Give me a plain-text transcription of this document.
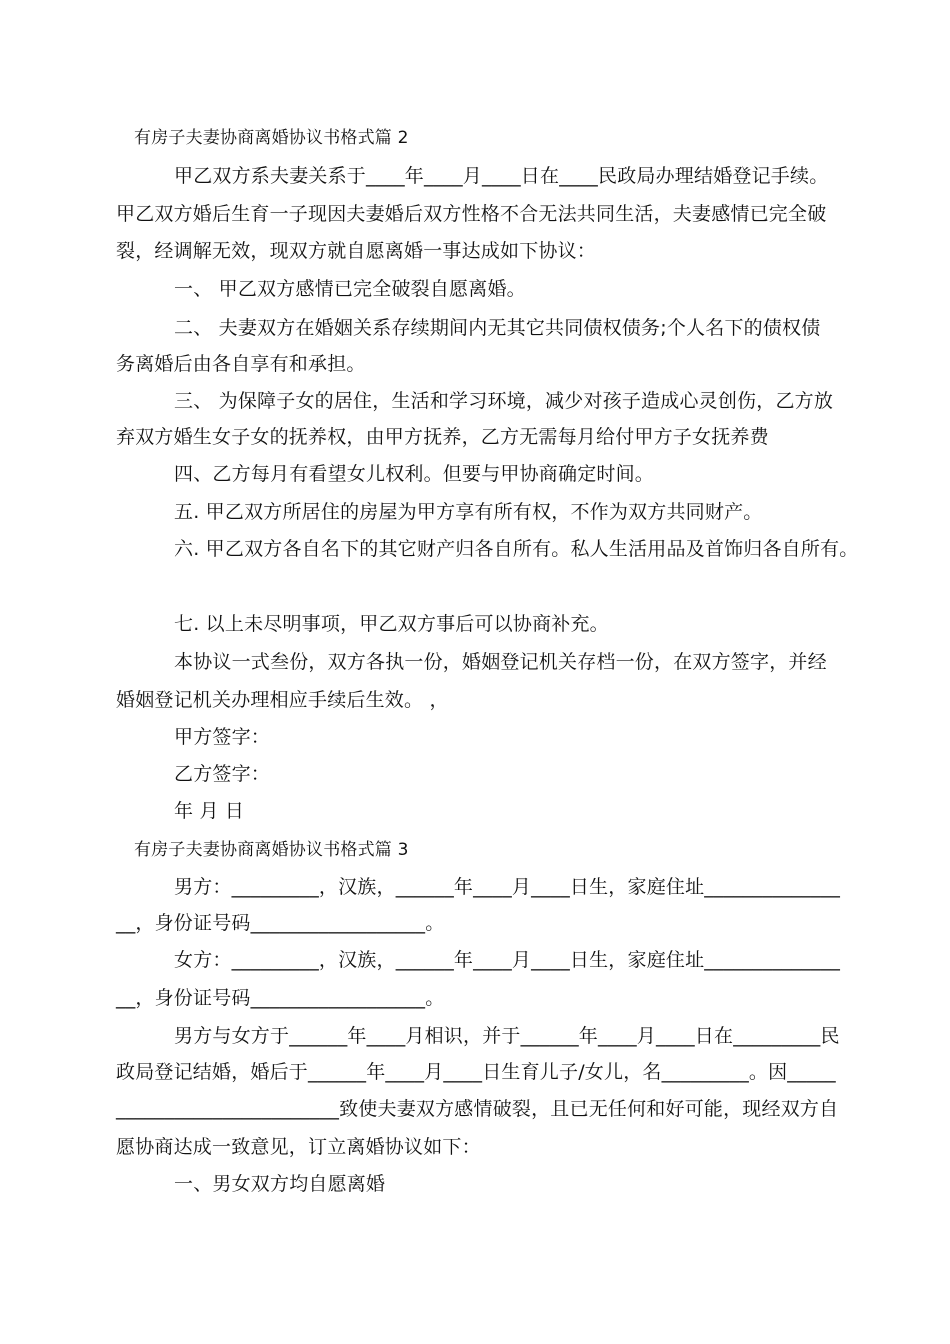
有房子夫妻协商离婚协议书格式篇 2
甲乙双方系夫妻关系于____年____月____日在____民政局办理结婚登记手续。
甲乙双方婚后生育一子现因夫妻婚后双方性格不合无法共同生活，夫妻感情已完全破
裂，经调解无效，现双方就自愿离婚一事达成如下协议：
一、 甲乙双方感情已完全破裂自愿离婚。
二、 夫妻双方在婚姻关系存续期间内无其它共同债权债务;个人名下的债权债
务离婚后由各自享有和承担。
三、 为保障子女的居住，生活和学习环境，减少对孩子造成心灵创伤，乙方放
弃双方婚生女子女的抚养权，由甲方抚养，乙方无需每月给付甲方子女抚养费
四、乙方每月有看望女儿权利。但要与甲协商确定时间。
五. 甲乙双方所居住的房屋为甲方享有所有权，不作为双方共同财产。
六. 甲乙双方各自名下的其它财产归各自所有。私人生活用品及首饰归各自所有。
七. 以上未尽明事项，甲乙双方事后可以协商补充。
本协议一式叁份，双方各执一份，婚姻登记机关存档一份，在双方签字，并经
婚姻登记机关办理相应手续后生效。 ，
甲方签字：
乙方签字：
年 月 日
有房子夫妻协商离婚协议书格式篇 3
男方：_________，汉族，______年____月____日生，家庭住址______________
__，身份证号码__________________。
女方：_________，汉族，______年____月____日生，家庭住址______________
__，身份证号码__________________。
男方与女方于______年____月相识，并于______年____月____日在_________民
政局登记结婚，婚后于______年____月____日生育儿子/女儿，名_________。因_____
_______________________致使夫妻双方感情破裂，且已无任何和好可能，现经双方自
愿协商达成一致意见，订立离婚协议如下：
一、男女双方均自愿离婚
